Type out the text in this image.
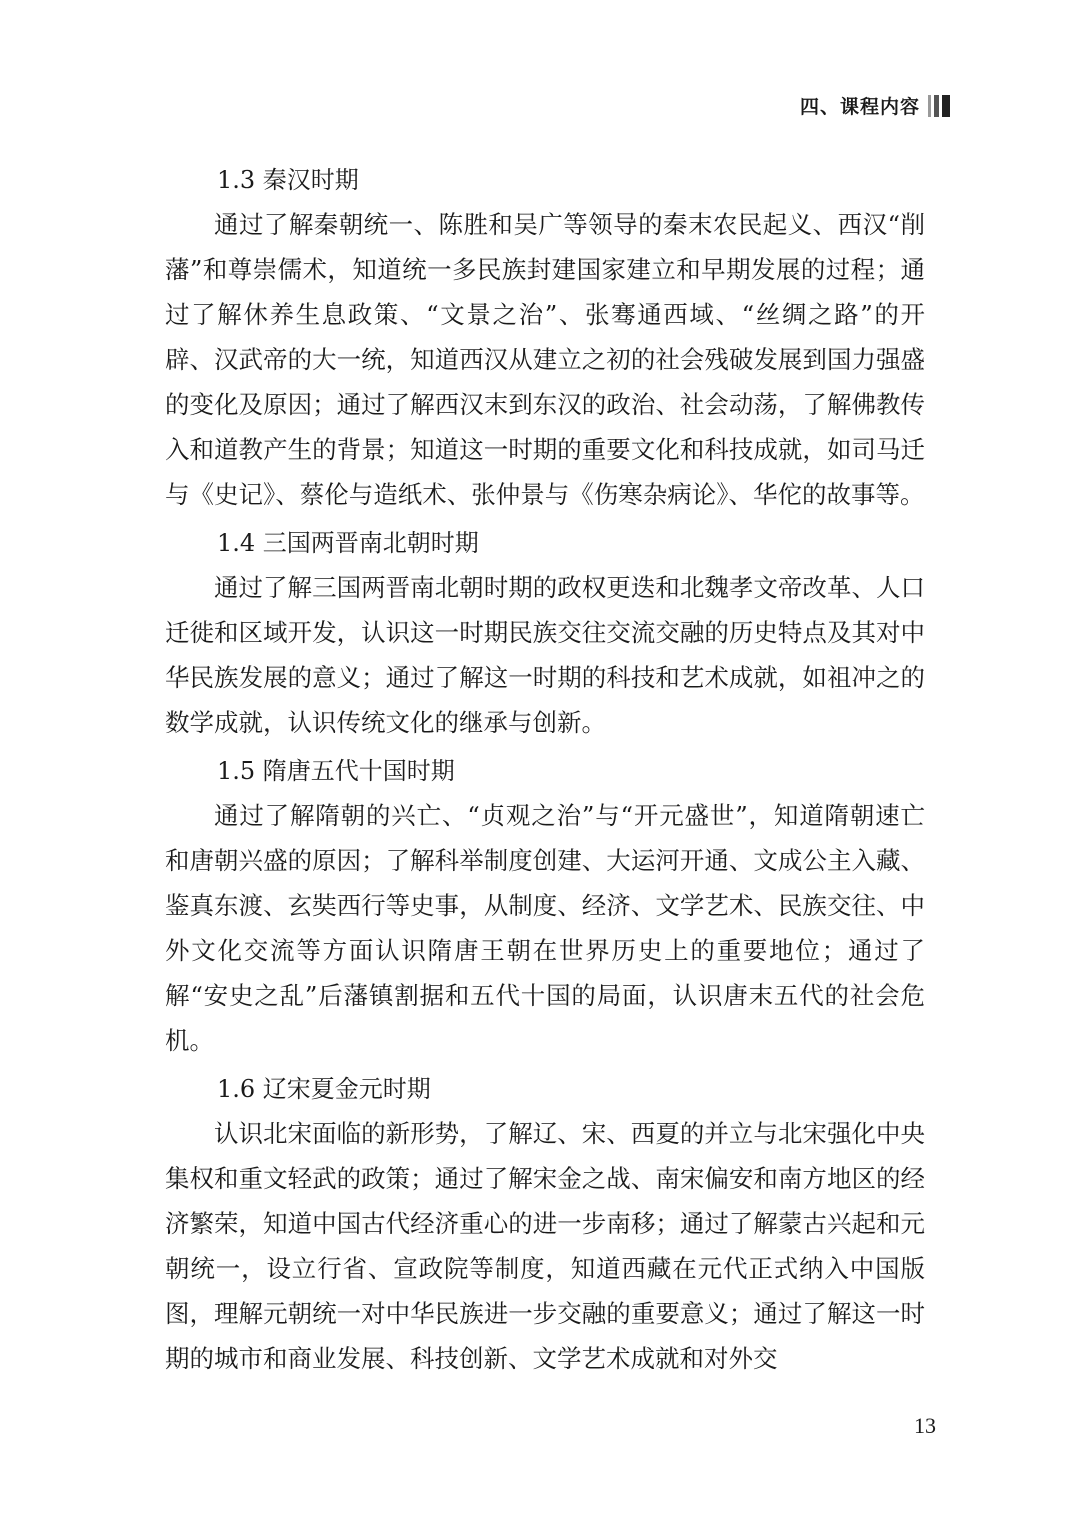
四、课程内容
1.3 秦汉时期

通过了解秦朝统一、陈胜和吴广等领导的秦末农民起义、西汉“削藩”和尊崇儒术，知道统一多民族封建国家建立和早期发展的过程；通过了解休养生息政策、“文景之治”、张骞通西域、“丝绸之路”的开辟、汉武帝的大一统，知道西汉从建立之初的社会残破发展到国力强盛的变化及原因；通过了解西汉末到东汉的政治、社会动荡，了解佛教传入和道教产生的背景；知道这一时期的重要文化和科技成就，如司马迁与《史记》、蔡伦与造纸术、张仲景与《伤寒杂病论》、华佗的故事等。

1.4 三国两晋南北朝时期

通过了解三国两晋南北朝时期的政权更迭和北魏孝文帝改革、人口迁徙和区域开发，认识这一时期民族交往交流交融的历史特点及其对中华民族发展的意义；通过了解这一时期的科技和艺术成就，如祖冲之的数学成就，认识传统文化的继承与创新。

1.5 隋唐五代十国时期

通过了解隋朝的兴亡、“贞观之治”与“开元盛世”，知道隋朝速亡和唐朝兴盛的原因；了解科举制度创建、大运河开通、文成公主入藏、鉴真东渡、玄奘西行等史事，从制度、经济、文学艺术、民族交往、中外文化交流等方面认识隋唐王朝在世界历史上的重要地位；通过了解“安史之乱”后藩镇割据和五代十国的局面，认识唐末五代的社会危机。

1.6 辽宋夏金元时期

认识北宋面临的新形势，了解辽、宋、西夏的并立与北宋强化中央集权和重文轻武的政策；通过了解宋金之战、南宋偏安和南方地区的经济繁荣，知道中国古代经济重心的进一步南移；通过了解蒙古兴起和元朝统一，设立行省、宣政院等制度，知道西藏在元代正式纳入中国版图，理解元朝统一对中华民族进一步交融的重要意义；通过了解这一时期的城市和商业发展、科技创新、文学艺术成就和对外交

13
